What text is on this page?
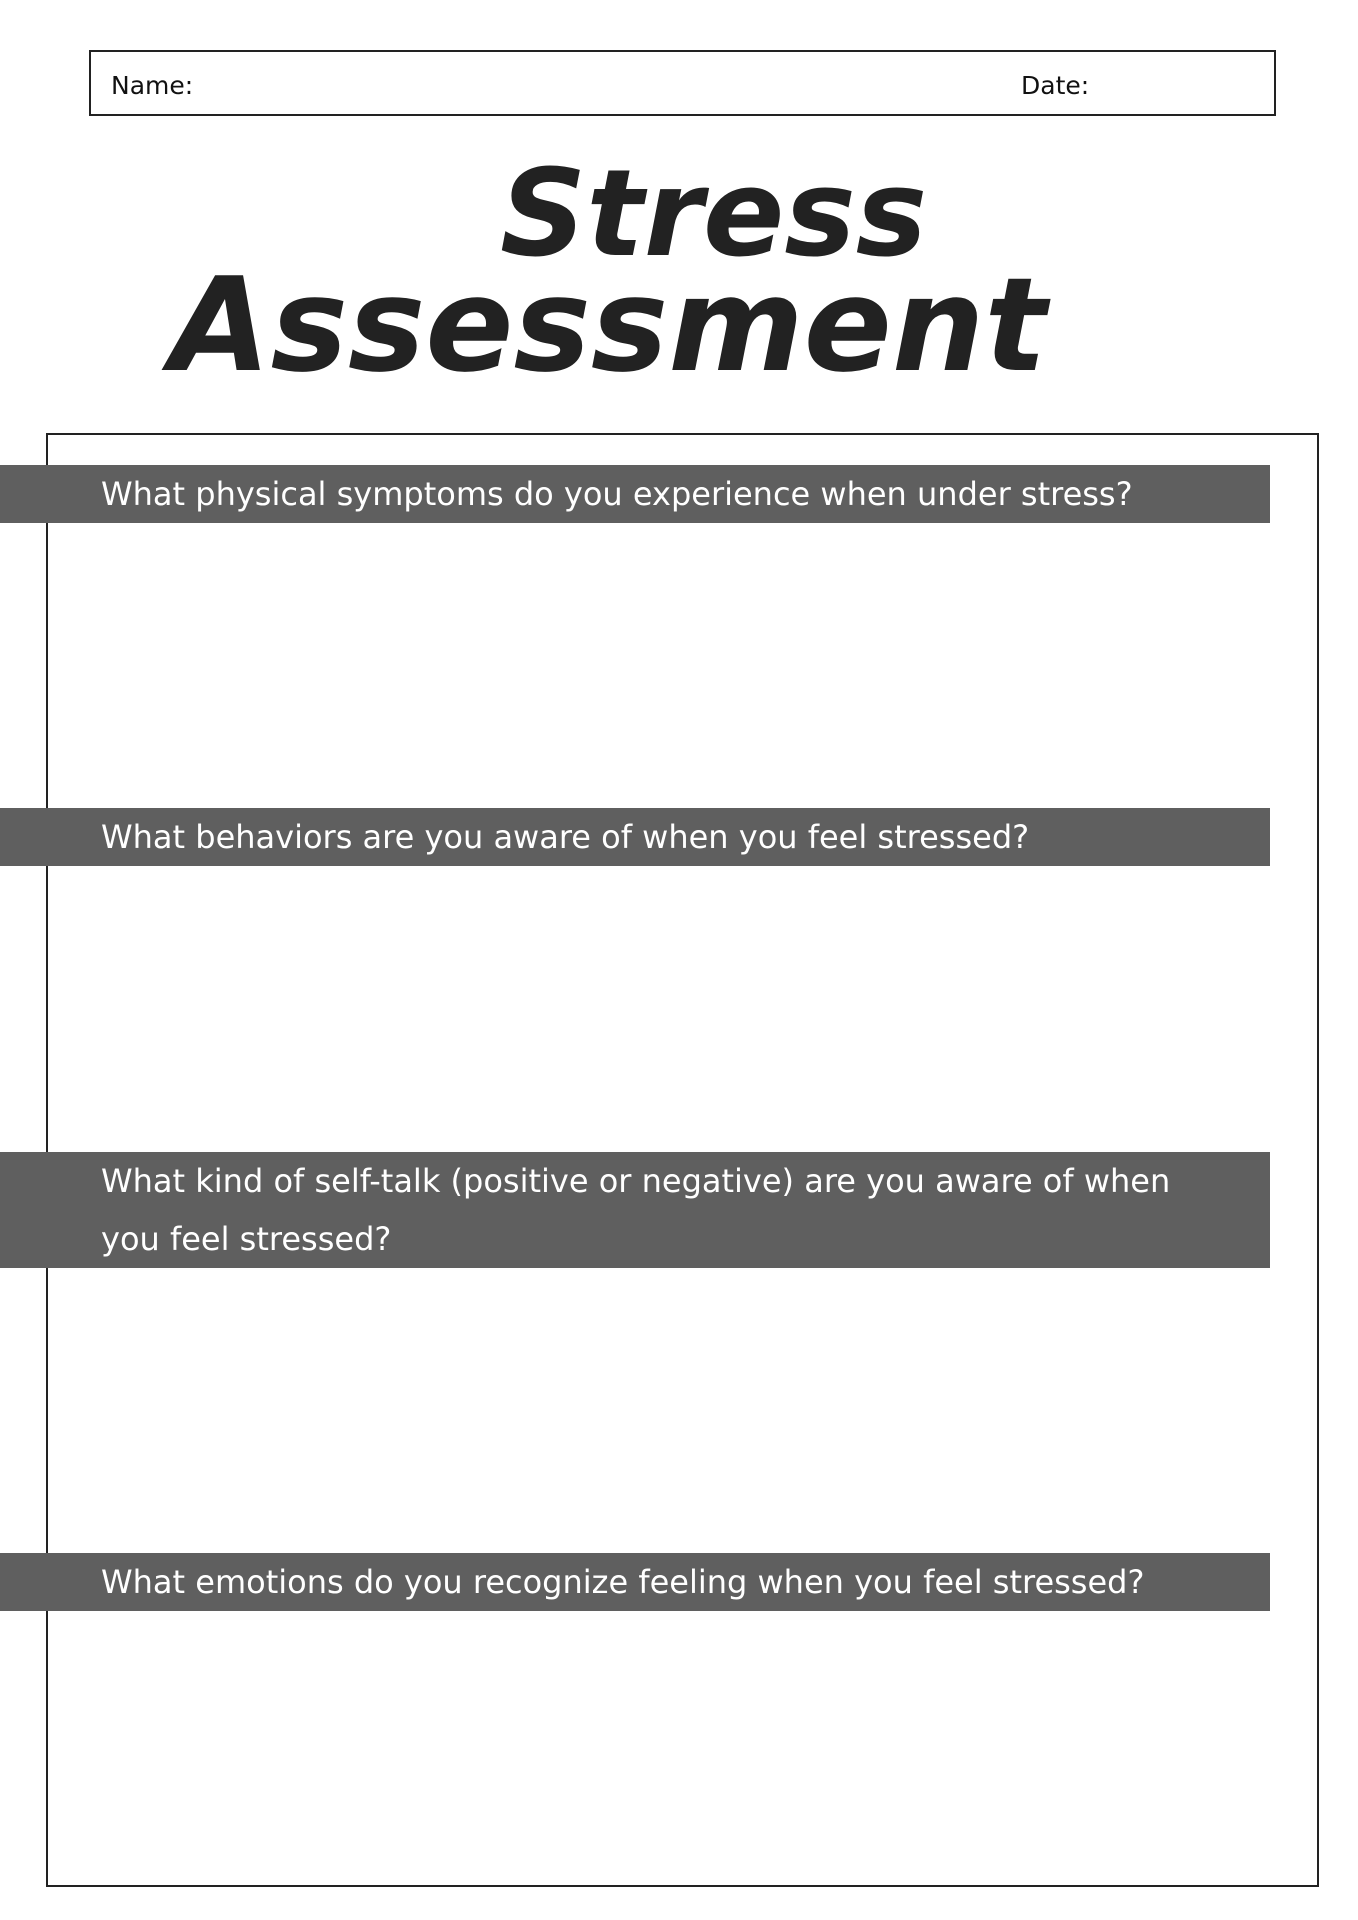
Name:	Date:
Stress
Assessment
What physical symptoms do you experience when under stress?
What behaviors are you aware of when you feel stressed?
What kind of self-talk (positive or negative) are you aware of when you feel stressed?
What emotions do you recognize feeling when you feel stressed?
